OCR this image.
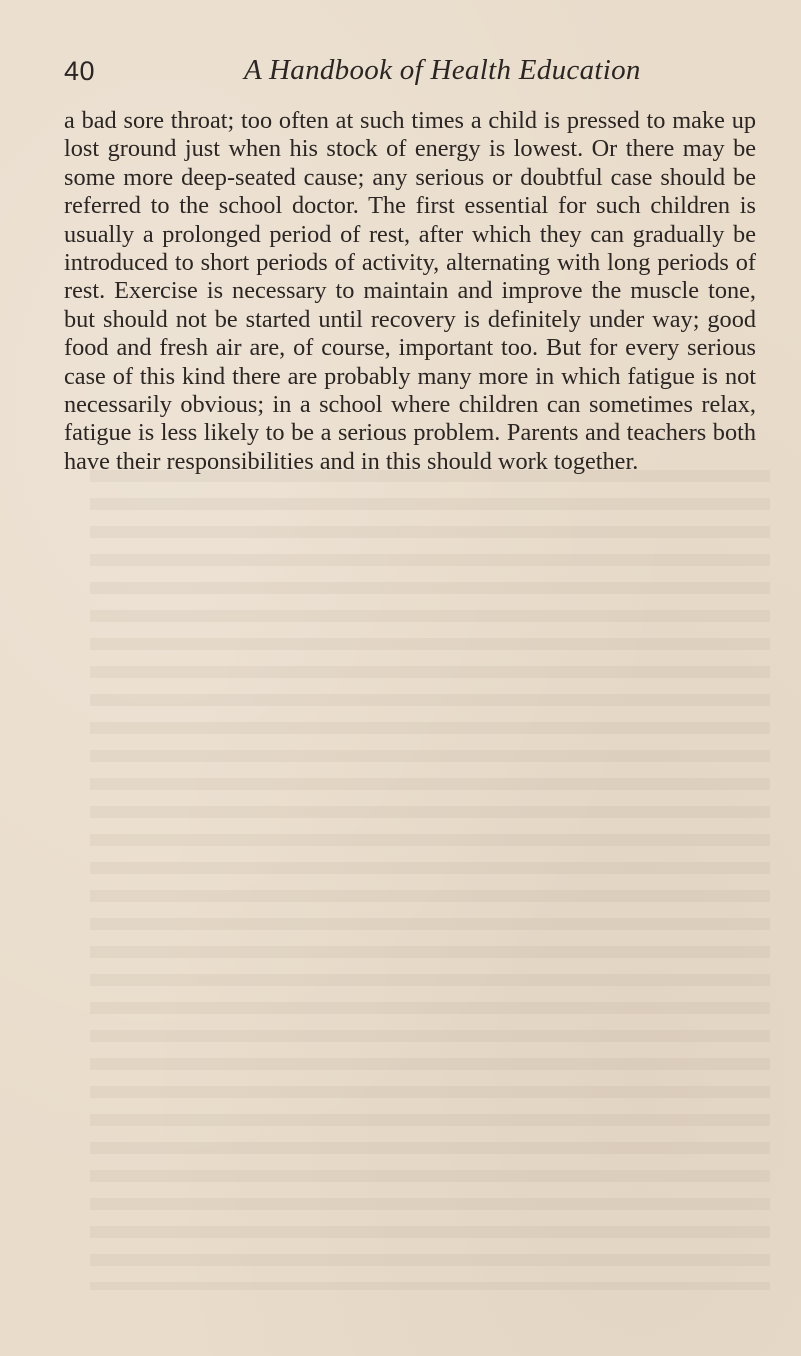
40	A Handbook of Health Education

a bad sore throat; too often at such times a child is pressed to make up lost ground just when his stock of energy is lowest. Or there may be some more deep-seated cause; any serious or doubtful case should be referred to the school doctor. The first essential for such children is usually a prolonged period of rest, after which they can gradually be introduced to short periods of activity, alternating with long periods of rest. Exercise is necessary to maintain and improve the muscle tone, but should not be started until recovery is definitely under way; good food and fresh air are, of course, important too. But for every serious case of this kind there are probably many more in which fatigue is not necessarily obvious; in a school where children can sometimes relax, fatigue is less likely to be a serious problem. Parents and teachers both have their responsibilities and in this should work together.
